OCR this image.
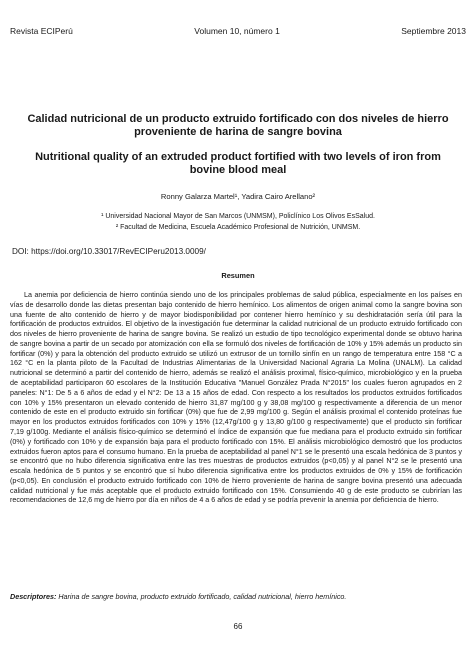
Revista ECIPerú	Volumen 10, número 1	Septiembre 2013
Calidad nutricional de un producto extruido fortificado con dos niveles de hierro proveniente de harina de sangre bovina
Nutritional quality of an extruded product fortified with two levels of iron from bovine blood meal
Ronny Galarza Martel¹, Yadira Cairo Arellano²
¹ Universidad Nacional Mayor de San Marcos (UNMSM), Policlínico Los Olivos EsSalud.
² Facultad de Medicina, Escuela Académico Profesional de Nutrición, UNMSM.
DOI: https://doi.org/10.33017/RevECIPeru2013.0009/
Resumen

La anemia por deficiencia de hierro continúa siendo uno de los principales problemas de salud pública, especialmente en los países en vías de desarrollo donde las dietas presentan bajo contenido de hierro hemínico. Los alimentos de origen animal como la sangre bovina son una fuente de alto contenido de hierro y de mayor biodisponibilidad por contener hierro hemínico y su deshidratación sería útil para la fortificación de productos extruidos. El objetivo de la investigación fue determinar la calidad nutricional de un producto extruido fortificado con dos niveles de hierro proveniente de harina de sangre bovina. Se realizó un estudio de tipo tecnológico experimental donde se obtuvo harina de sangre bovina a partir de un secado por atomización con ella se formuló dos niveles de fortificación de 10% y 15% además un producto sin fortificar (0%) y para la obtención del producto extruido se utilizó un extrusor de un tornillo sinfín en un rango de temperatura entre 158 °C a 162 °C en la planta piloto de la Facultad de Industrias Alimentarias de la Universidad Nacional Agraria La Molina (UNALM). La calidad nutricional se determinó a partir del contenido de hierro, además se realizó el análisis proximal, físico-químico, microbiológico y en la prueba de aceptabilidad participaron 60 escolares de la Institución Educativa "Manuel González Prada N°2015" los cuales fueron agrupados en 2 paneles: N°1: De 5 a 6 años de edad y el N°2: De 13 a 15 años de edad. Con respecto a los resultados los productos extruidos fortificados con 10% y 15% presentaron un elevado contenido de hierro 31,87 mg/100 g y 38,08 mg/100 g respectivamente a diferencia de un menor contenido de este en el producto extruido sin fortificar (0%) que fue de 2,99 mg/100 g. Según el análisis proximal el contenido proteínas fue mayor en los productos extruidos fortificados con 10% y 15% (12,47g/100 g y 13,80 g/100 g respectivamente) que el producto sin fortificar 7,19 g/100g. Mediante el análisis físico-químico se determinó el índice de expansión que fue mediana para el producto extruido sin fortificar (0%) y fortificado con 10% y de expansión baja para el producto fortificado con 15%. El análisis microbiológico demostró que los productos extruidos fueron aptos para el consumo humano. En la prueba de aceptabilidad al panel N°1 se le presentó una escala hedónica de 3 puntos y se encontró que no hubo diferencia significativa entre las tres muestras de productos extruidos (p<0,05) y al panel N°2 se le presentó una escala hedónica de 5 puntos y se encontró que sí hubo diferencia significativa entre los productos extruidos de 0% y 15% de fortificación (p<0,05). En conclusión el producto extruido fortificado con 10% de hierro proveniente de harina de sangre bovina presentó una adecuada calidad nutricional y fue más aceptable que el producto extruido fortificado con 15%. Consumiendo 40 g de este producto se cubrirían las recomendaciones de 12,6 mg de hierro por día en niños de 4 a 6 años de edad y se podría prevenir la anemia por deficiencia de hierro.

Descriptores: Harina de sangre bovina, producto extruido fortificado, calidad nutricional, hierro hemínico.
66
